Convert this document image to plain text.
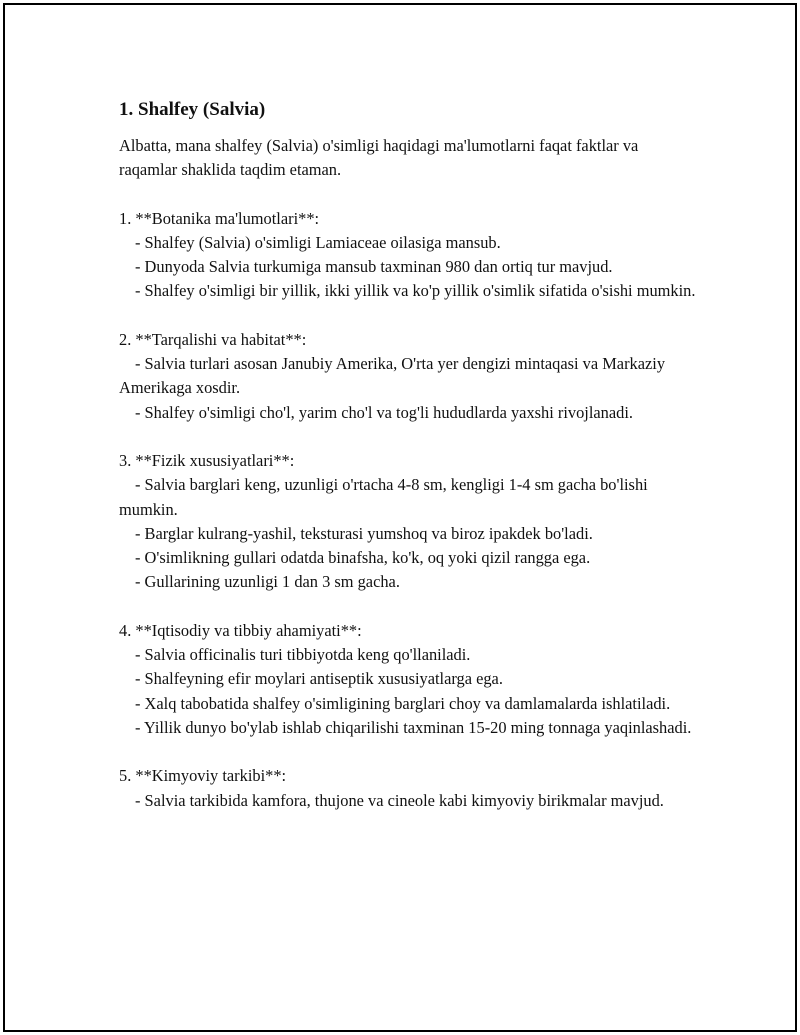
1. Shalfey (Salvia)

Albatta, mana shalfey (Salvia) o'simligi haqidagi ma'lumotlarni faqat faktlar va raqamlar shaklida taqdim etaman.

1. **Botanika ma'lumotlari**:

- Shalfey (Salvia) o'simligi Lamiaceae oilasiga mansub.

- Dunyoda Salvia turkumiga mansub taxminan 980 dan ortiq tur mavjud.

- Shalfey o'simligi bir yillik, ikki yillik va ko'p yillik o'simlik sifatida o'sishi mumkin.

2. **Tarqalishi va habitat**:

- Salvia turlari asosan Janubiy Amerika, O'rta yer dengizi mintaqasi va Markaziy Amerikaga xosdir.

- Shalfey o'simligi cho'l, yarim cho'l va tog'li hududlarda yaxshi rivojlanadi.

3. **Fizik xususiyatlari**:

- Salvia barglari keng, uzunligi o'rtacha 4-8 sm, kengligi 1-4 sm gacha bo'lishi mumkin.

- Barglar kulrang-yashil, teksturasi yumshoq va biroz ipakdek bo'ladi.

- O'simlikning gullari odatda binafsha, ko'k, oq yoki qizil rangga ega.

- Gullarining uzunligi 1 dan 3 sm gacha.

4. **Iqtisodiy va tibbiy ahamiyati**:

- Salvia officinalis turi tibbiyotda keng qo'llaniladi.

- Shalfeyning efir moylari antiseptik xususiyatlarga ega.

- Xalq tabobatida shalfey o'simligining barglari choy va damlamalarda ishlatiladi.

- Yillik dunyo bo'ylab ishlab chiqarilishi taxminan 15-20 ming tonnaga yaqinlashadi.

5. **Kimyoviy tarkibi**:

- Salvia tarkibida kamfora, thujone va cineole kabi kimyoviy birikmalar mavjud.
